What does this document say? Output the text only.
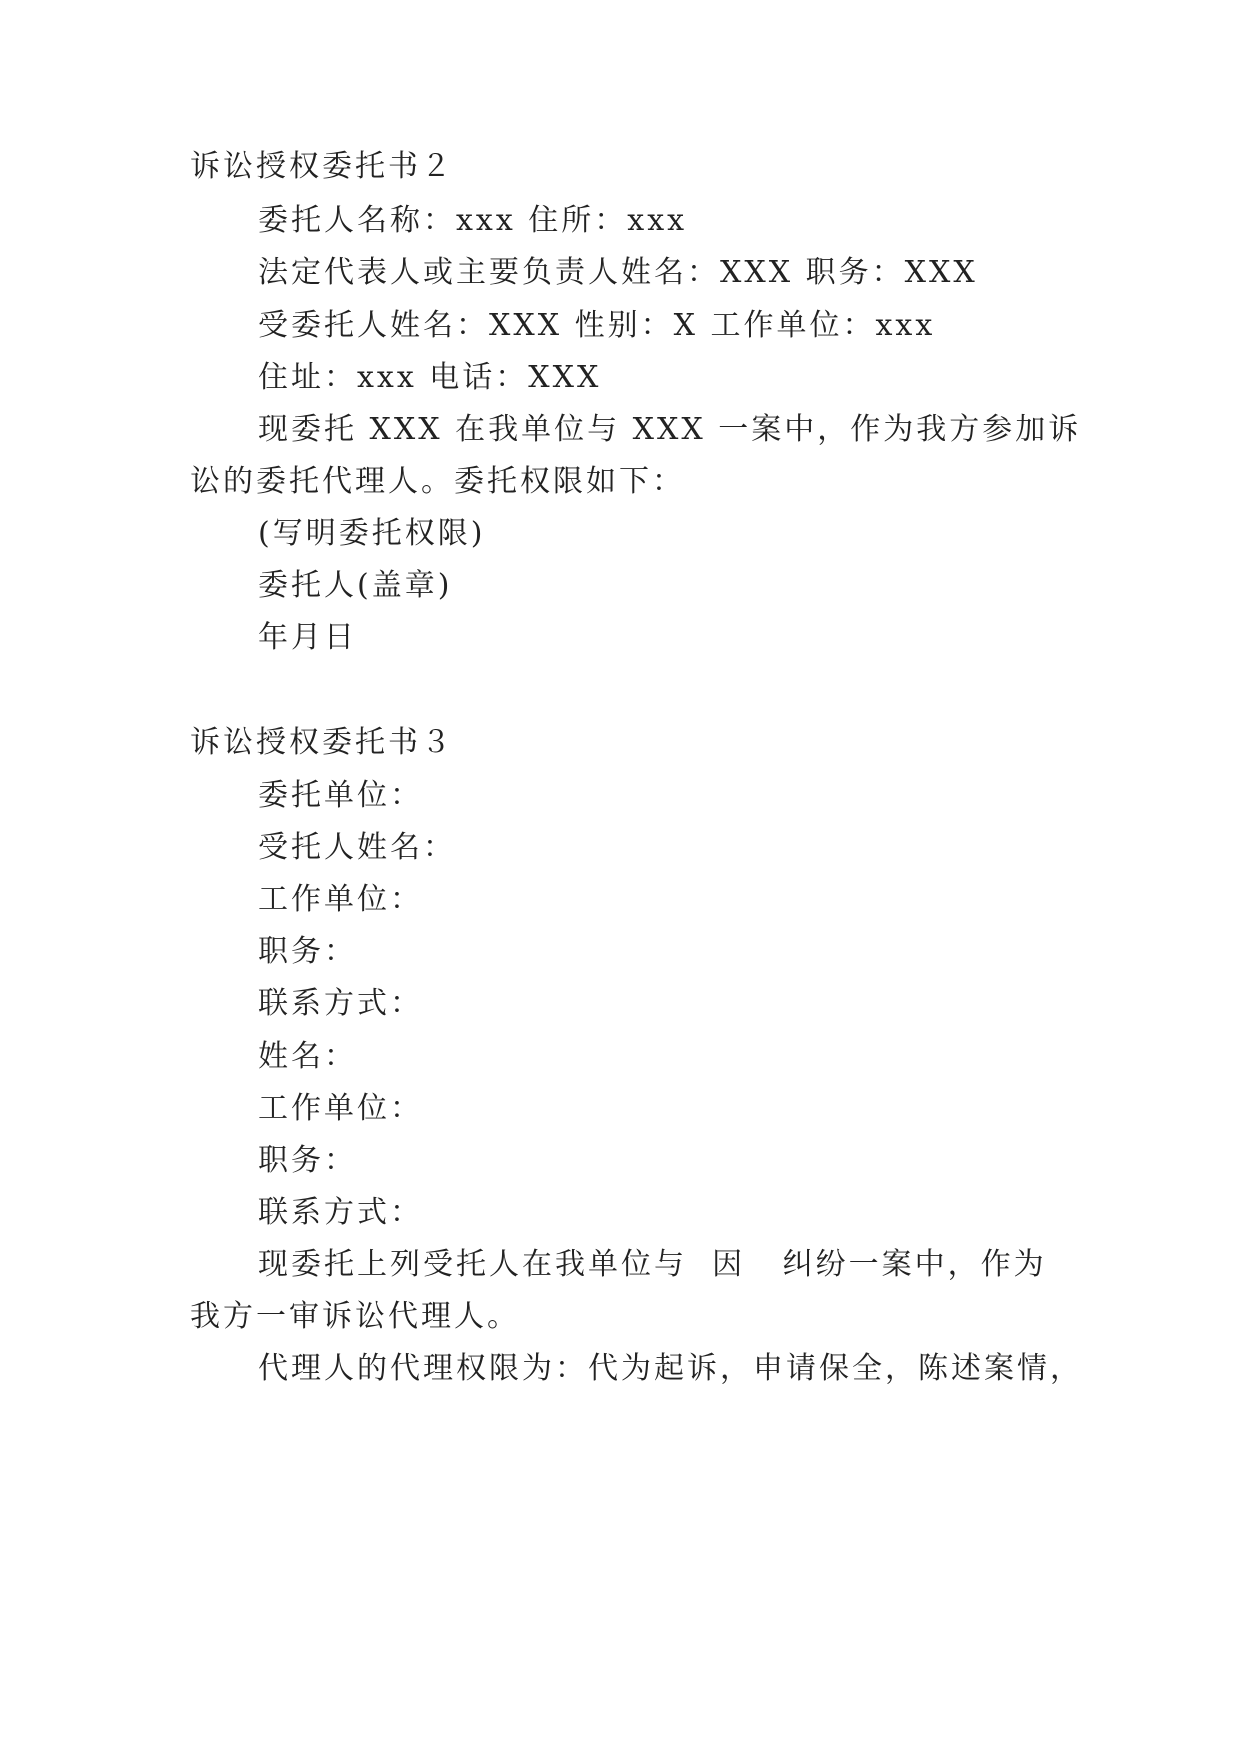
诉讼授权委托书２
委托人名称：xxx 住所：xxx
法定代表人或主要负责人姓名：XXX 职务：XXX
受委托人姓名：XXX 性别：X 工作单位：xxx
住址：xxx 电话：XXX
现委托 XXX 在我单位与 XXX 一案中，作为我方参加诉
讼的委托代理人。委托权限如下：
(写明委托权限)
委托人(盖章)
年月日
诉讼授权委托书３
委托单位：
受托人姓名：
工作单位：
职务：
联系方式：
姓名：
工作单位：
职务：
联系方式：
现委托上列受托人在我单位与  因   纠纷一案中，作为
我方一审诉讼代理人。
代理人的代理权限为：代为起诉，申请保全，陈述案情，
